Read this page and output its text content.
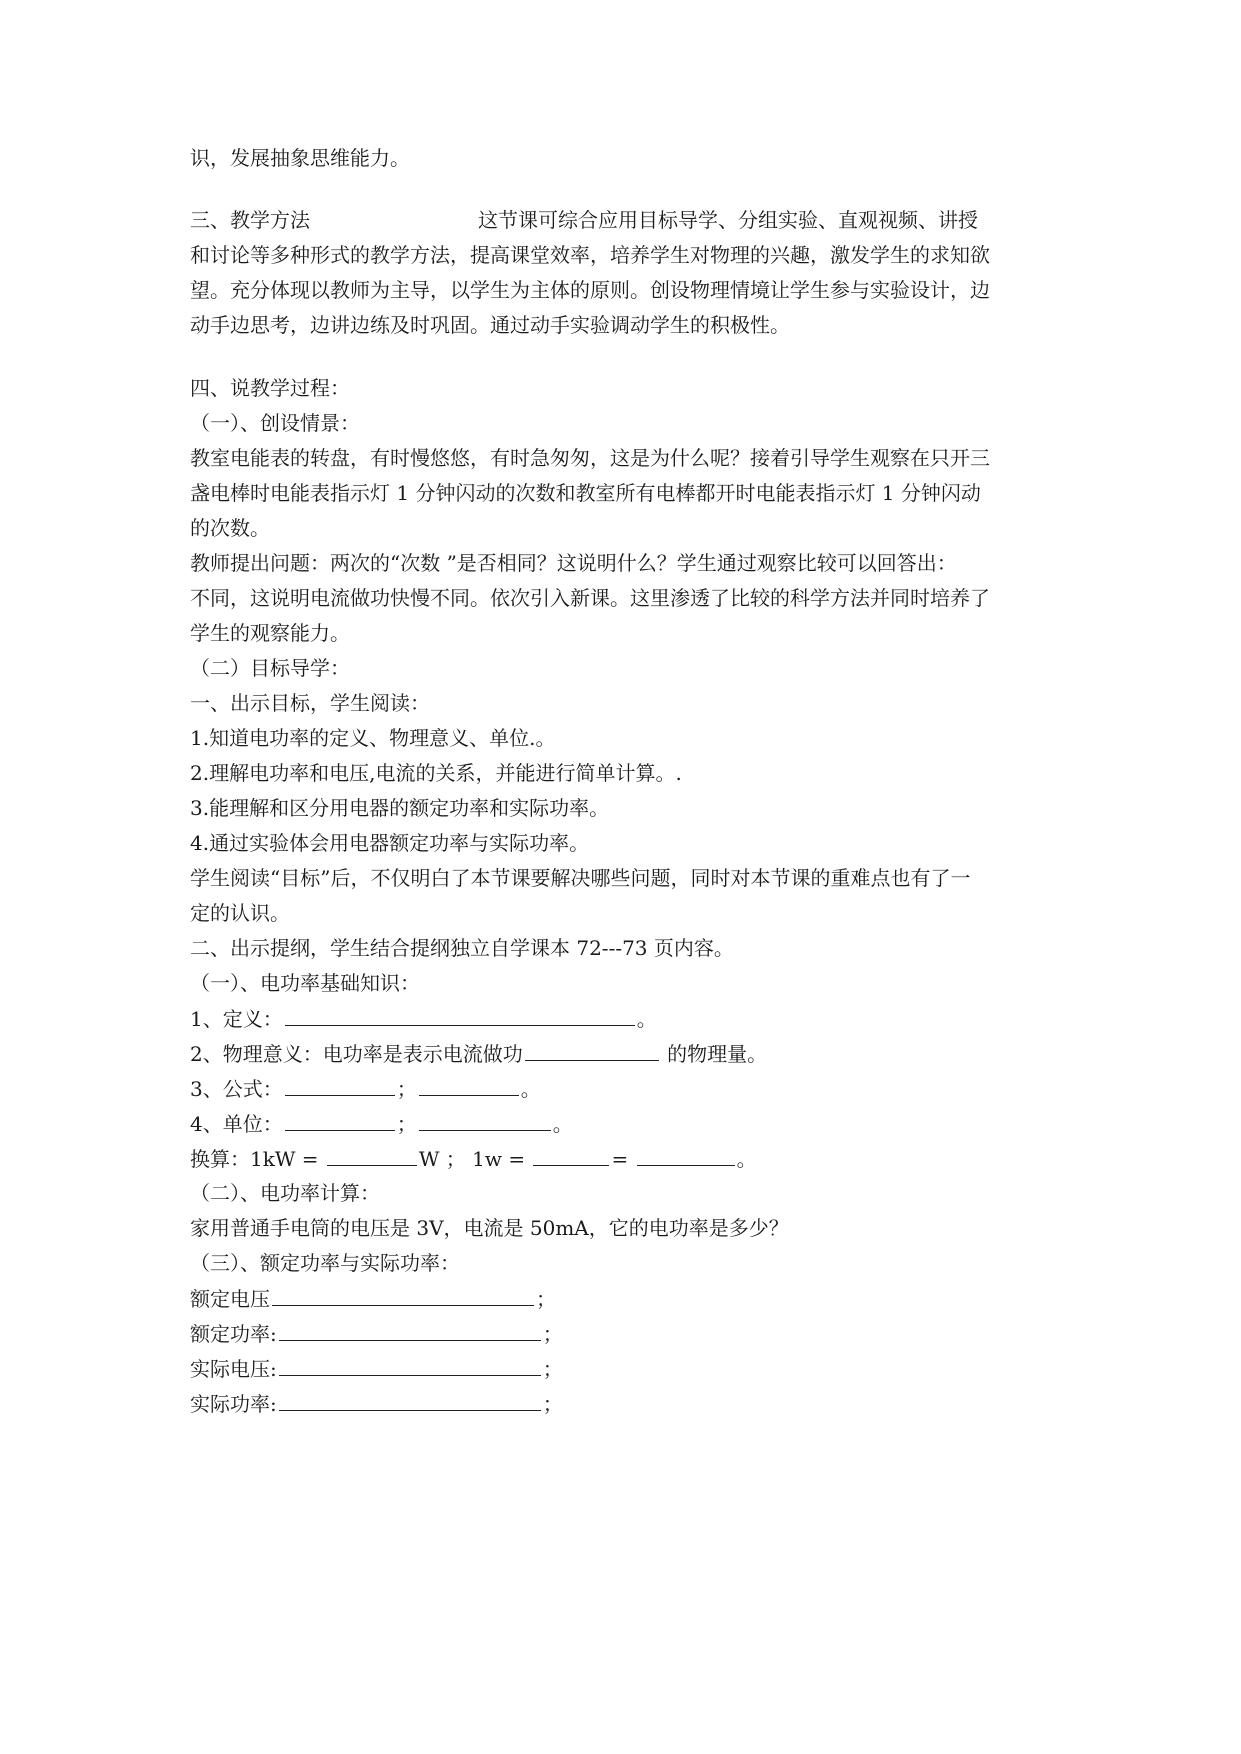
识，发展抽象思维能力。
三、教学方法	这节课可综合应用目标导学、分组实验、直观视频、讲授
和讨论等多种形式的教学方法，提高课堂效率，培养学生对物理的兴趣，激发学生的求知欲
望。充分体现以教师为主导，以学生为主体的原则。创设物理情境让学生参与实验设计，边
动手边思考，边讲边练及时巩固。通过动手实验调动学生的积极性。
四、说教学过程：
（一）、创设情景：
教室电能表的转盘，有时慢悠悠，有时急匆匆，这是为什么呢？接着引导学生观察在只开三
盏电棒时电能表指示灯 1 分钟闪动的次数和教室所有电棒都开时电能表指示灯 1 分钟闪动
的次数。
教师提出问题：两次的“次数 ”是否相同？这说明什么？学生通过观察比较可以回答出：
不同，这说明电流做功快慢不同。依次引入新课。这里渗透了比较的科学方法并同时培养了
学生的观察能力。
（二）目标导学：
一、出示目标，学生阅读：
1.知道电功率的定义、物理意义、单位.。
2.理解电功率和电压,电流的关系，并能进行简单计算。.
3.能理解和区分用电器的额定功率和实际功率。
4.通过实验体会用电器额定功率与实际功率。
学生阅读“目标”后，不仅明白了本节课要解决哪些问题，同时对本节课的重难点也有了一
定的认识。
二、出示提纲，学生结合提纲独立自学课本 72---73 页内容。
（一）、电功率基础知识：
1、定义：	。
2、物理意义：电功率是表示电流做功	的物理量。
3、公式：	；	。
4、单位：	；	。
换算：1kW =	W ； 1w =	=	。
（二）、电功率计算：
家用普通手电筒的电压是 3V，电流是 50mA，它的电功率是多少？
（三）、额定功率与实际功率：
额定电压	；
额定功率:	；
实际电压:	；
实际功率:	；
